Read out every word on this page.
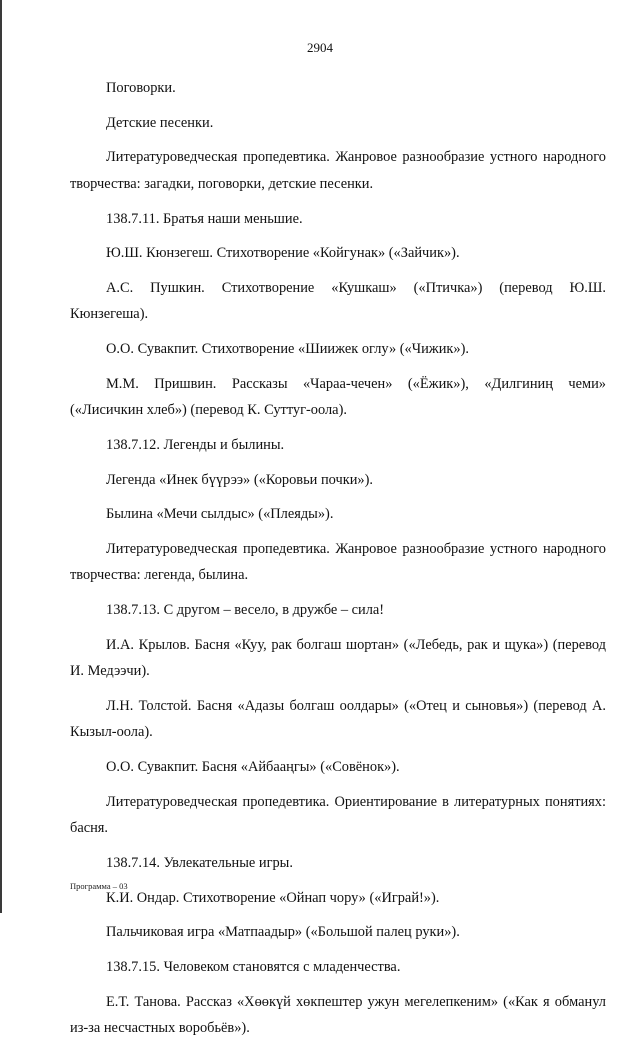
2904

Поговорки.

Детские песенки.

Литературоведческая пропедевтика. Жанровое разнообразие устного народного творчества: загадки, поговорки, детские песенки.

138.7.11. Братья наши меньшие.

Ю.Ш. Кюнзегеш. Стихотворение «Койгунак» («Зайчик»).

А.С. Пушкин. Стихотворение «Кушкаш» («Птичка») (перевод Ю.Ш. Кюнзегеша).

О.О. Сувакпит. Стихотворение «Шиижек оглу» («Чижик»).

М.М. Пришвин. Рассказы «Чараа-чечен» («Ёжик»), «Дилгиниң чеми» («Лисичкин хлеб») (перевод К. Суттуг-оола).

138.7.12. Легенды и былины.

Легенда «Инек бүүрээ» («Коровьи почки»).

Былина «Мечи сылдыс» («Плеяды»).

Литературоведческая пропедевтика. Жанровое разнообразие устного народного творчества: легенда, былина.

138.7.13. С другом – весело, в дружбе – сила!

И.А. Крылов. Басня «Куу, рак болгаш шортан» («Лебедь, рак и щука») (перевод И. Медээчи).

Л.Н. Толстой. Басня «Адазы болгаш оолдары» («Отец и сыновья») (перевод А. Кызыл-оола).

О.О. Сувакпит. Басня «Айбааңгы» («Совёнок»).

Литературоведческая пропедевтика. Ориентирование в литературных понятиях: басня.

138.7.14. Увлекательные игры.

К.И. Ондар. Стихотворение «Ойнап чору» («Играй!»).

Пальчиковая игра «Матпаадыр» («Большой палец руки»).

138.7.15. Человеком становятся с младенчества.

Е.Т. Танова. Рассказ «Хөөкүй хөкпештер ужун мегелепкеним» («Как я обманул из-за несчастных воробьёв»).

Программа – 03
